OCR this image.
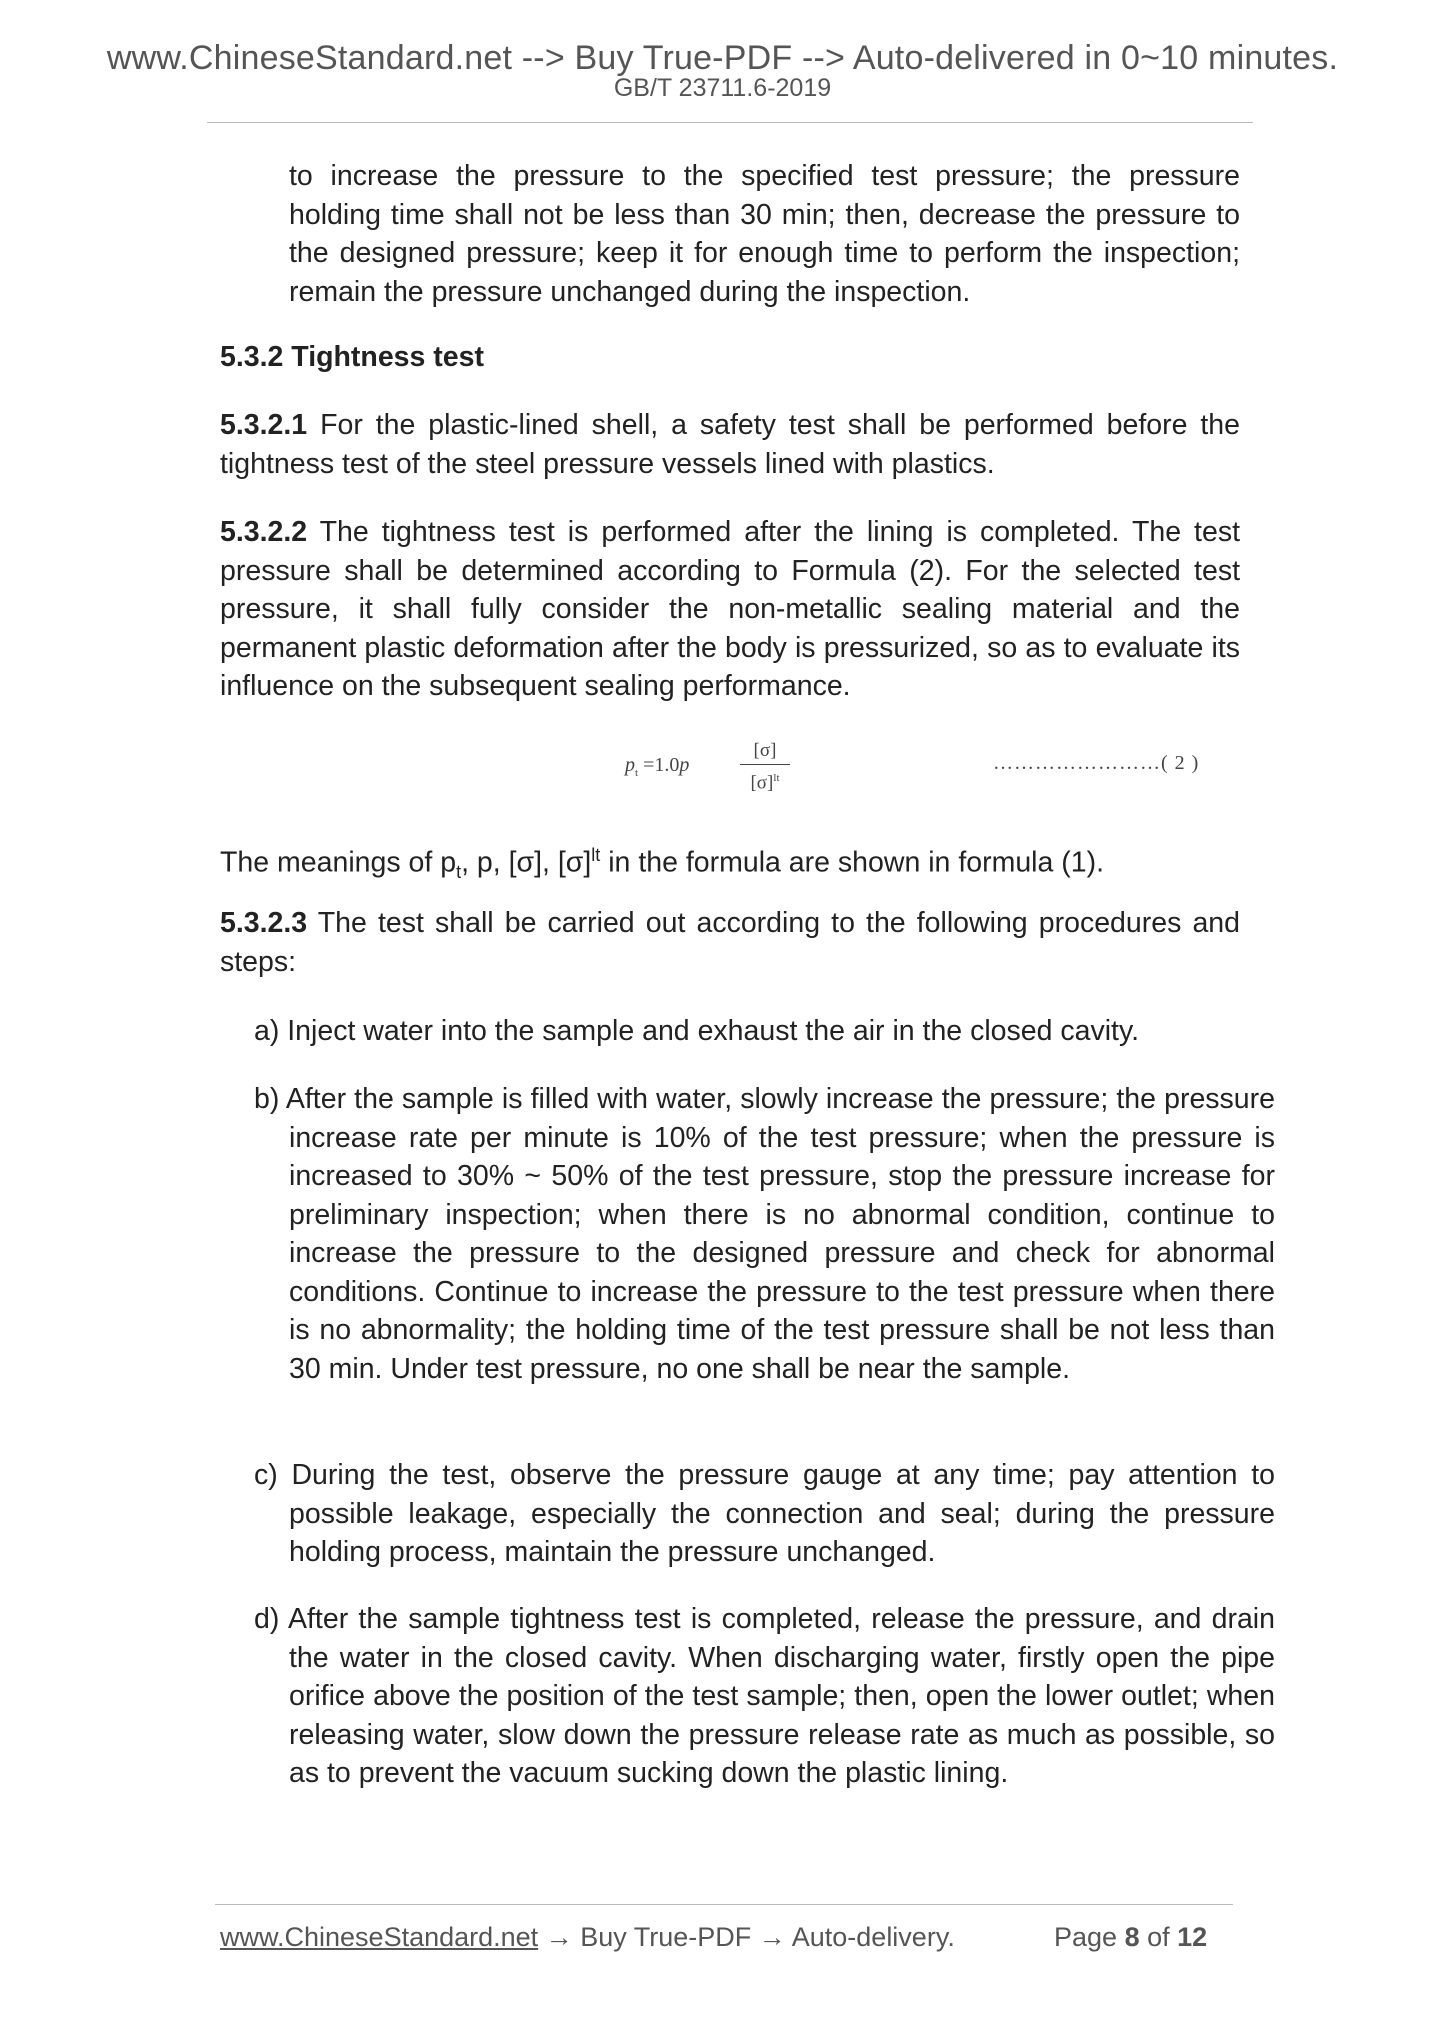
www.ChineseStandard.net --> Buy True-PDF --> Auto-delivered in 0~10 minutes.
GB/T 23711.6-2019

to increase the pressure to the specified test pressure; the pressure holding time shall not be less than 30 min; then, decrease the pressure to the designed pressure; keep it for enough time to perform the inspection; remain the pressure unchanged during the inspection.

5.3.2 Tightness test

5.3.2.1 For the plastic-lined shell, a safety test shall be performed before the tightness test of the steel pressure vessels lined with plastics.

5.3.2.2 The tightness test is performed after the lining is completed. The test pressure shall be determined according to Formula (2). For the selected test pressure, it shall fully consider the non-metallic sealing material and the permanent plastic deformation after the body is pressurized, so as to evaluate its influence on the subsequent sealing performance.

$p_t =1.0p$
[σ]
$[\sigma]^{lt}$
……………………( 2 )

The meanings of $p_t$, p, [σ], $[\sigma]^{lt}$ in the formula are shown in formula (1).

5.3.2.3 The test shall be carried out according to the following procedures and steps:

a) Inject water into the sample and exhaust the air in the closed cavity.

b) After the sample is filled with water, slowly increase the pressure; the pressure increase rate per minute is 10% of the test pressure; when the pressure is increased to 30% ~ 50% of the test pressure, stop the pressure increase for preliminary inspection; when there is no abnormal condition, continue to increase the pressure to the designed pressure and check for abnormal conditions. Continue to increase the pressure to the test pressure when there is no abnormality; the holding time of the test pressure shall be not less than 30 min. Under test pressure, no one shall be near the sample.

c) During the test, observe the pressure gauge at any time; pay attention to possible leakage, especially the connection and seal; during the pressure holding process, maintain the pressure unchanged.

d) After the sample tightness test is completed, release the pressure, and drain the water in the closed cavity. When discharging water, firstly open the pipe orifice above the position of the test sample; then, open the lower outlet; when releasing water, slow down the pressure release rate as much as possible, so as to prevent the vacuum sucking down the plastic lining.

www.ChineseStandard.net → Buy True-PDF → Auto-delivery.	Page 8 of 12
